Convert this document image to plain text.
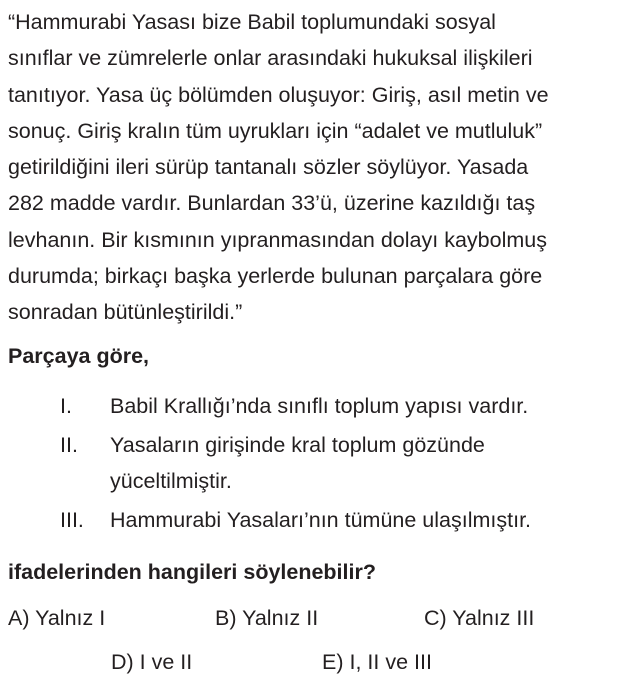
“Hammurabi Yasası bize Babil toplumundaki sosyal
sınıflar ve zümrelerle onlar arasındaki hukuksal ilişkileri
tanıtıyor. Yasa üç bölümden oluşuyor: Giriş, asıl metin ve
sonuç. Giriş kralın tüm uyrukları için “adalet ve mutluluk”
getirildiğini ileri sürüp tantanalı sözler söylüyor. Yasada
282 madde vardır. Bunlardan 33’ü, üzerine kazıldığı taş
levhanın. Bir kısmının yıpranmasından dolayı kaybolmuş
durumda; birkaçı başka yerlerde bulunan parçalara göre
sonradan bütünleştirildi.”

Parçaya göre,

I.	Babil Krallığı’nda sınıflı toplum yapısı vardır.
II.	Yasaların girişinde kral toplum gözünde
yüceltilmiştir.
III.	Hammurabi Yasaları’nın tümüne ulaşılmıştır.

ifadelerinden hangileri söylenebilir?

A) Yalnız I	B) Yalnız II	C) Yalnız III
D) I ve II	E) I, II ve III
